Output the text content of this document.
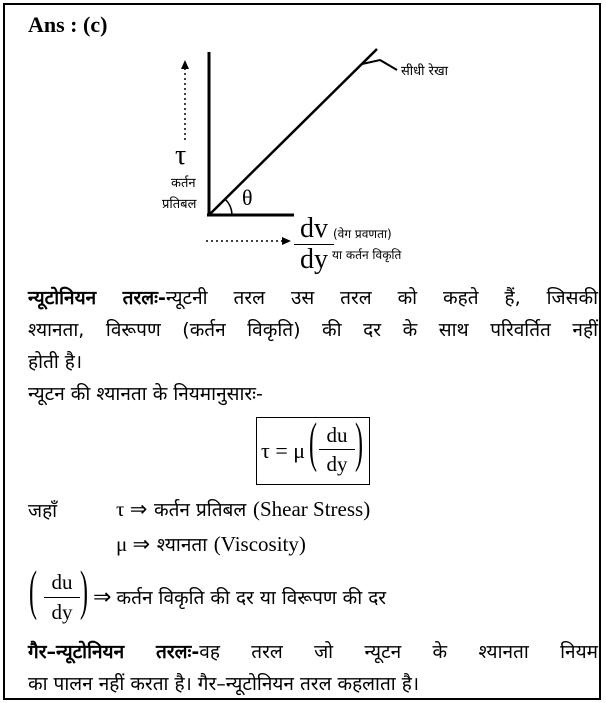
Ans : (c)
τ
कर्तन
प्रतिबल θ
सीधी रेखा
$\frac{dv}{dy}$ (वेग प्रवणता)
या कर्तन विकृति
न्यूटोनियन तरलः-न्यूटनी तरल उस तरल को कहते हैं, जिसकी
श्यानता, विरूपण (कर्तन विकृति) की दर के साथ परिवर्तित नहीं
होती है।
न्यूटन की श्यानता के नियमानुसारः-
τ = μ ( $\frac{du}{dy}$ )
जहाँ	τ ⇒ कर्तन प्रतिबल (Shear Stress)
μ ⇒ श्यानता (Viscosity)
( $\frac{du}{dy}$ ) ⇒ कर्तन विकृति की दर या विरूपण की दर
गैर–न्यूटोनियन तरलः-वह तरल जो न्यूटन के श्यानता नियम
का पालन नहीं करता है। गैर–न्यूटोनियन तरल कहलाता है।
